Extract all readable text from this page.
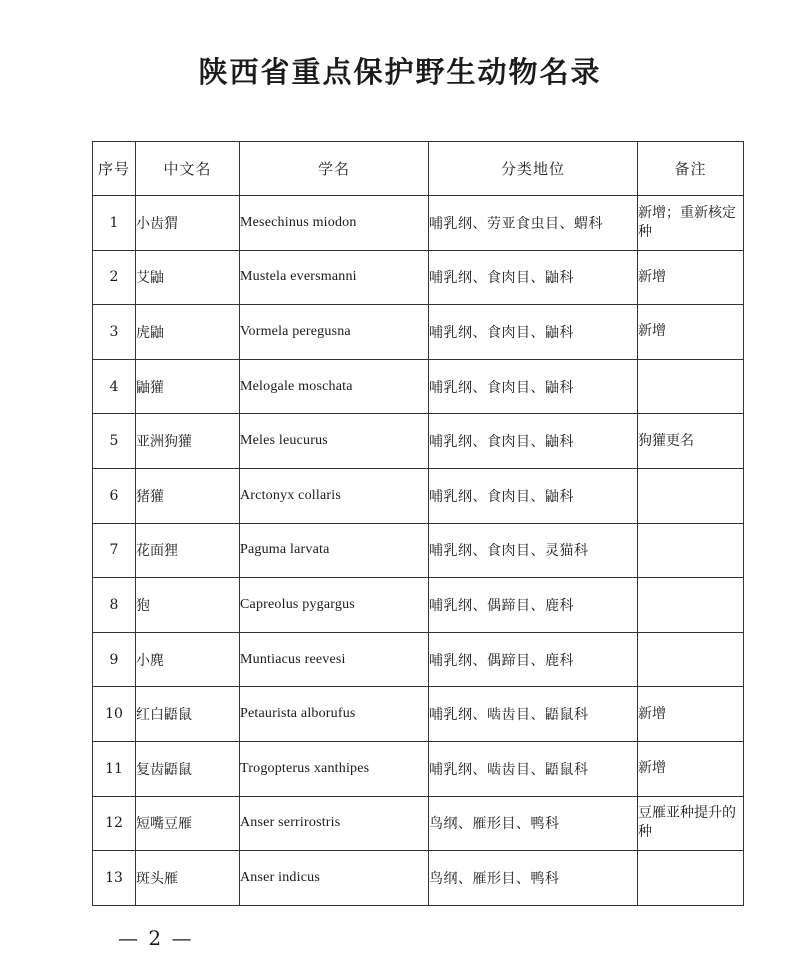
陕西省重点保护野生动物名录
序号	中文名	学名	分类地位	备注
1	小齿猬	Mesechinus miodon	哺乳纲、劳亚食虫目、蝟科	新增；重新核定种
2	艾鼬	Mustela eversmanni	哺乳纲、食肉目、鼬科	新增
3	虎鼬	Vormela peregusna	哺乳纲、食肉目、鼬科	新增
4	鼬獾	Melogale moschata	哺乳纲、食肉目、鼬科	
5	亚洲狗獾	Meles leucurus	哺乳纲、食肉目、鼬科	狗獾更名
6	猪獾	Arctonyx collaris	哺乳纲、食肉目、鼬科	
7	花面狸	Paguma larvata	哺乳纲、食肉目、灵猫科	
8	狍	Capreolus pygargus	哺乳纲、偶蹄目、鹿科	
9	小麂	Muntiacus reevesi	哺乳纲、偶蹄目、鹿科	
10	红白鼯鼠	Petaurista alborufus	哺乳纲、啮齿目、鼯鼠科	新增
11	复齿鼯鼠	Trogopterus xanthipes	哺乳纲、啮齿目、鼯鼠科	新增
12	短嘴豆雁	Anser serrirostris	鸟纲、雁形目、鸭科	豆雁亚种提升的种
13	斑头雁	Anser indicus	鸟纲、雁形目、鸭科	
— 2 —
